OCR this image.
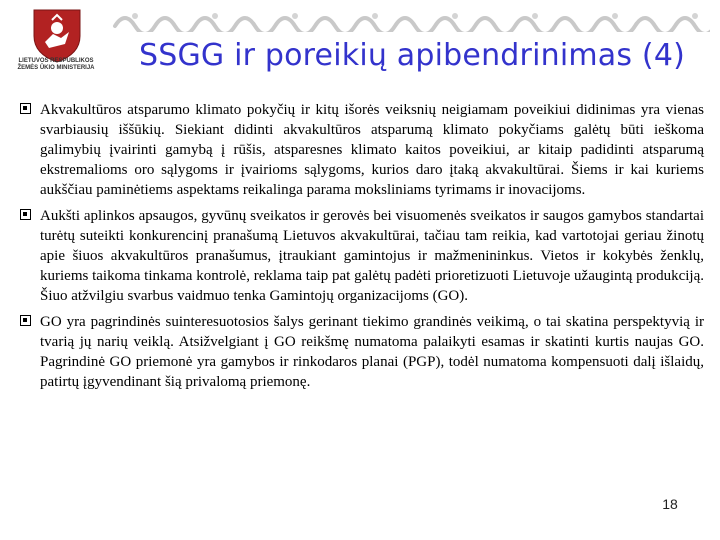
LIETUVOS RESPUBLIKOS
ŽEMĖS ŪKIO MINISTERIJA	SSGG ir poreikių apibendrinimas (4)
Akvakultūros atsparumo klimato pokyčių ir kitų išorės veiksnių neigiamam poveikiui didinimas yra vienas svarbiausių iššūkių. Siekiant didinti akvakultūros atsparumą klimato pokyčiams galėtų būti ieškoma galimybių įvairinti gamybą į rūšis, atsparesnes klimato kaitos poveikiui, ar kitaip padidinti atsparumą ekstremalioms oro sąlygoms ir įvairioms sąlygoms, kurios daro įtaką akvakultūrai. Šiems ir kai kuriems aukščiau paminėtiems aspektams reikalinga parama moksliniams tyrimams ir inovacijoms.
Aukšti aplinkos apsaugos, gyvūnų sveikatos ir gerovės bei visuomenės sveikatos ir saugos gamybos standartai turėtų suteikti konkurencinį pranašumą Lietuvos akvakultūrai, tačiau tam reikia, kad vartotojai geriau žinotų apie šiuos akvakultūros pranašumus, įtraukiant gamintojus ir mažmenininkus. Vietos ir kokybės ženklų, kuriems taikoma tinkama kontrolė, reklama taip pat galėtų padėti prioretizuoti Lietuvoje užaugintą produkciją. Šiuo atžvilgiu svarbus vaidmuo tenka Gamintojų organizacijoms (GO).
GO yra pagrindinės suinteresuotosios šalys gerinant tiekimo grandinės veikimą, o tai skatina perspektyvią ir tvarią jų narių veiklą. Atsižvelgiant į GO reikšmę numatoma palaikyti esamas ir skatinti kurtis naujas GO. Pagrindinė GO priemonė yra gamybos ir rinkodaros planai (PGP), todėl numatoma kompensuoti dalį išlaidų, patirtų įgyvendinant šią privalomą priemonę.
18
